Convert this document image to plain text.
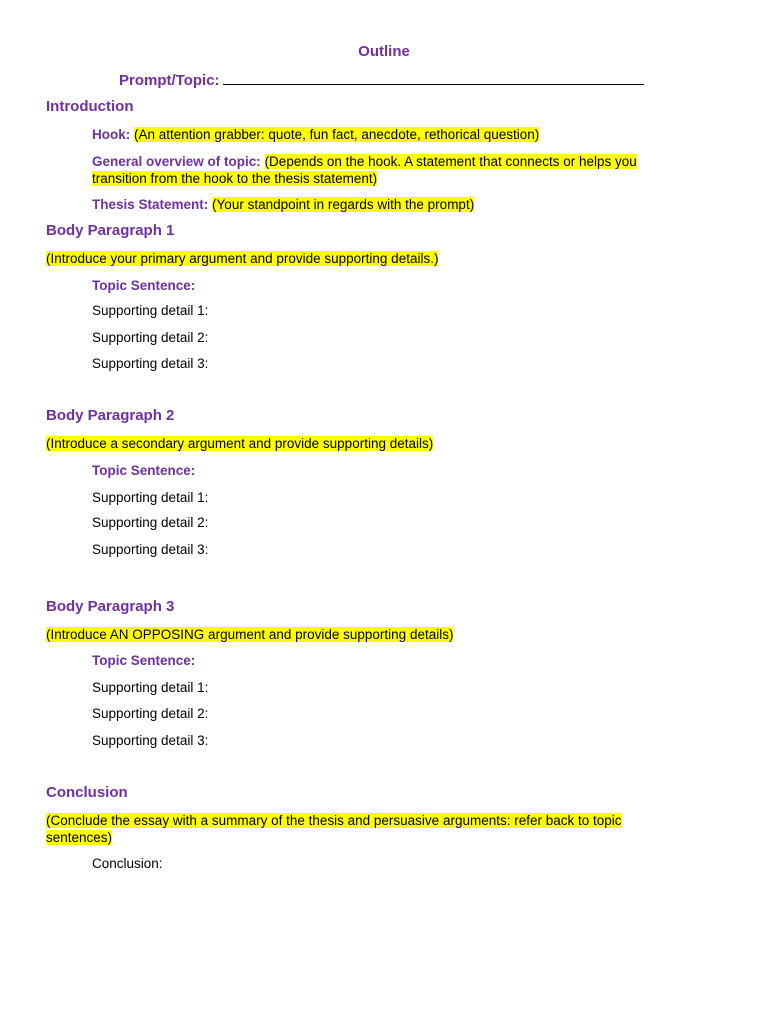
Outline
Prompt/Topic:
Introduction
Hook: (An attention grabber: quote, fun fact, anecdote, rethorical question)
General overview of topic: (Depends on the hook. A statement that connects or helps you transition from the hook to the thesis statement)
Thesis Statement: (Your standpoint in regards with the prompt)
Body Paragraph 1
(Introduce your primary argument and provide supporting details.)
Topic Sentence:
Supporting detail 1:
Supporting detail 2:
Supporting detail 3:
Body Paragraph 2
(Introduce a secondary argument and provide supporting details)
Topic Sentence:
Supporting detail 1:
Supporting detail 2:
Supporting detail 3:
Body Paragraph 3
(Introduce AN OPPOSING argument and provide supporting details)
Topic Sentence:
Supporting detail 1:
Supporting detail 2:
Supporting detail 3:
Conclusion
(Conclude the essay with a summary of the thesis and persuasive arguments: refer back to topic sentences)
Conclusion:
